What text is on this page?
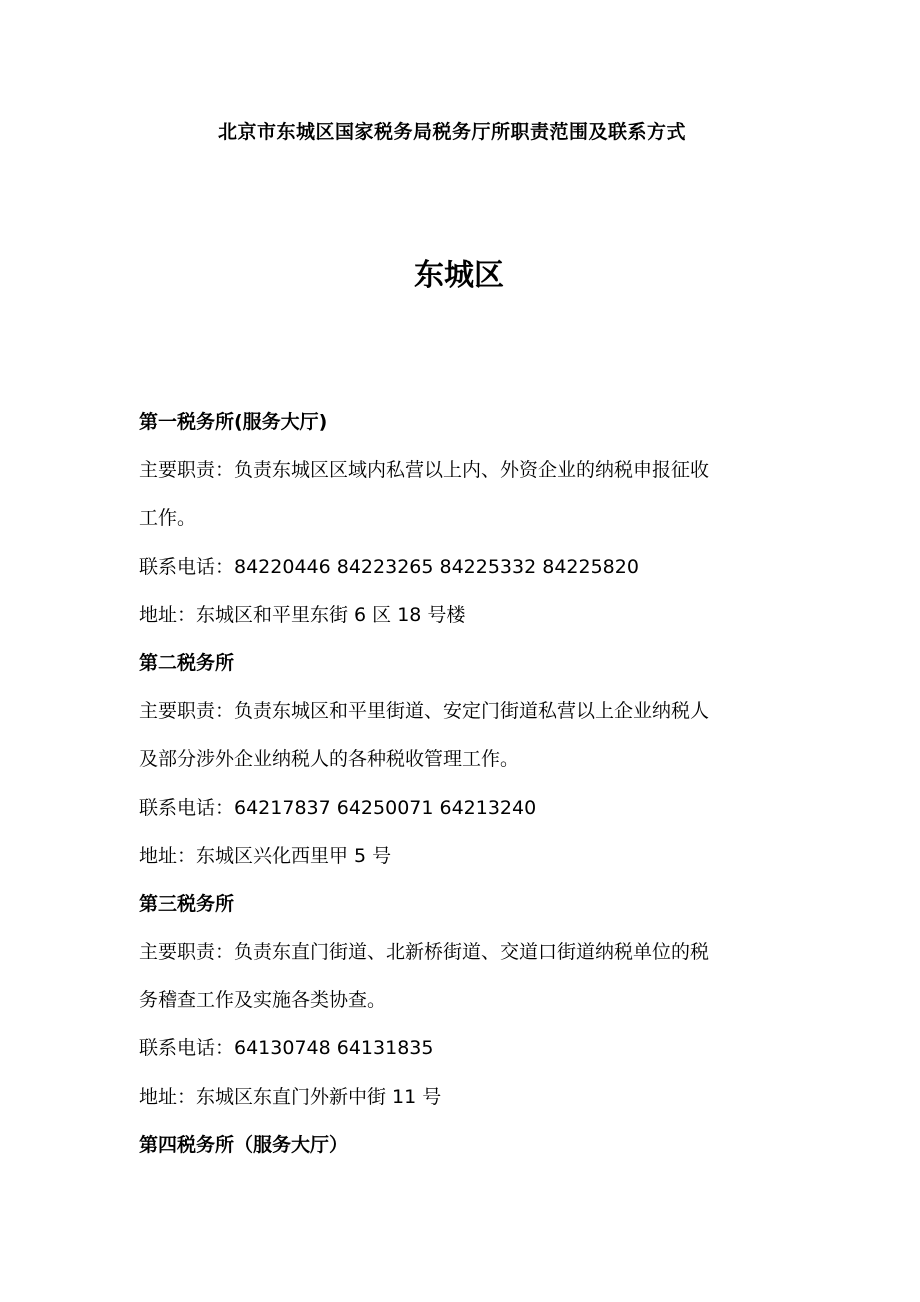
北京市东城区国家税务局税务厅所职责范围及联系方式
东城区
第一税务所(服务大厅)
主要职责：负责东城区区域内私营以上内、外资企业的纳税申报征收
工作。
联系电话：84220446 84223265 84225332 84225820
地址：东城区和平里东街 6 区 18 号楼
第二税务所
主要职责：负责东城区和平里街道、安定门街道私营以上企业纳税人
及部分涉外企业纳税人的各种税收管理工作。
联系电话：64217837 64250071 64213240
地址：东城区兴化西里甲 5 号
第三税务所
主要职责：负责东直门街道、北新桥街道、交道口街道纳税单位的税
务稽查工作及实施各类协查。
联系电话：64130748 64131835
地址：东城区东直门外新中街 11 号
第四税务所（服务大厅）
